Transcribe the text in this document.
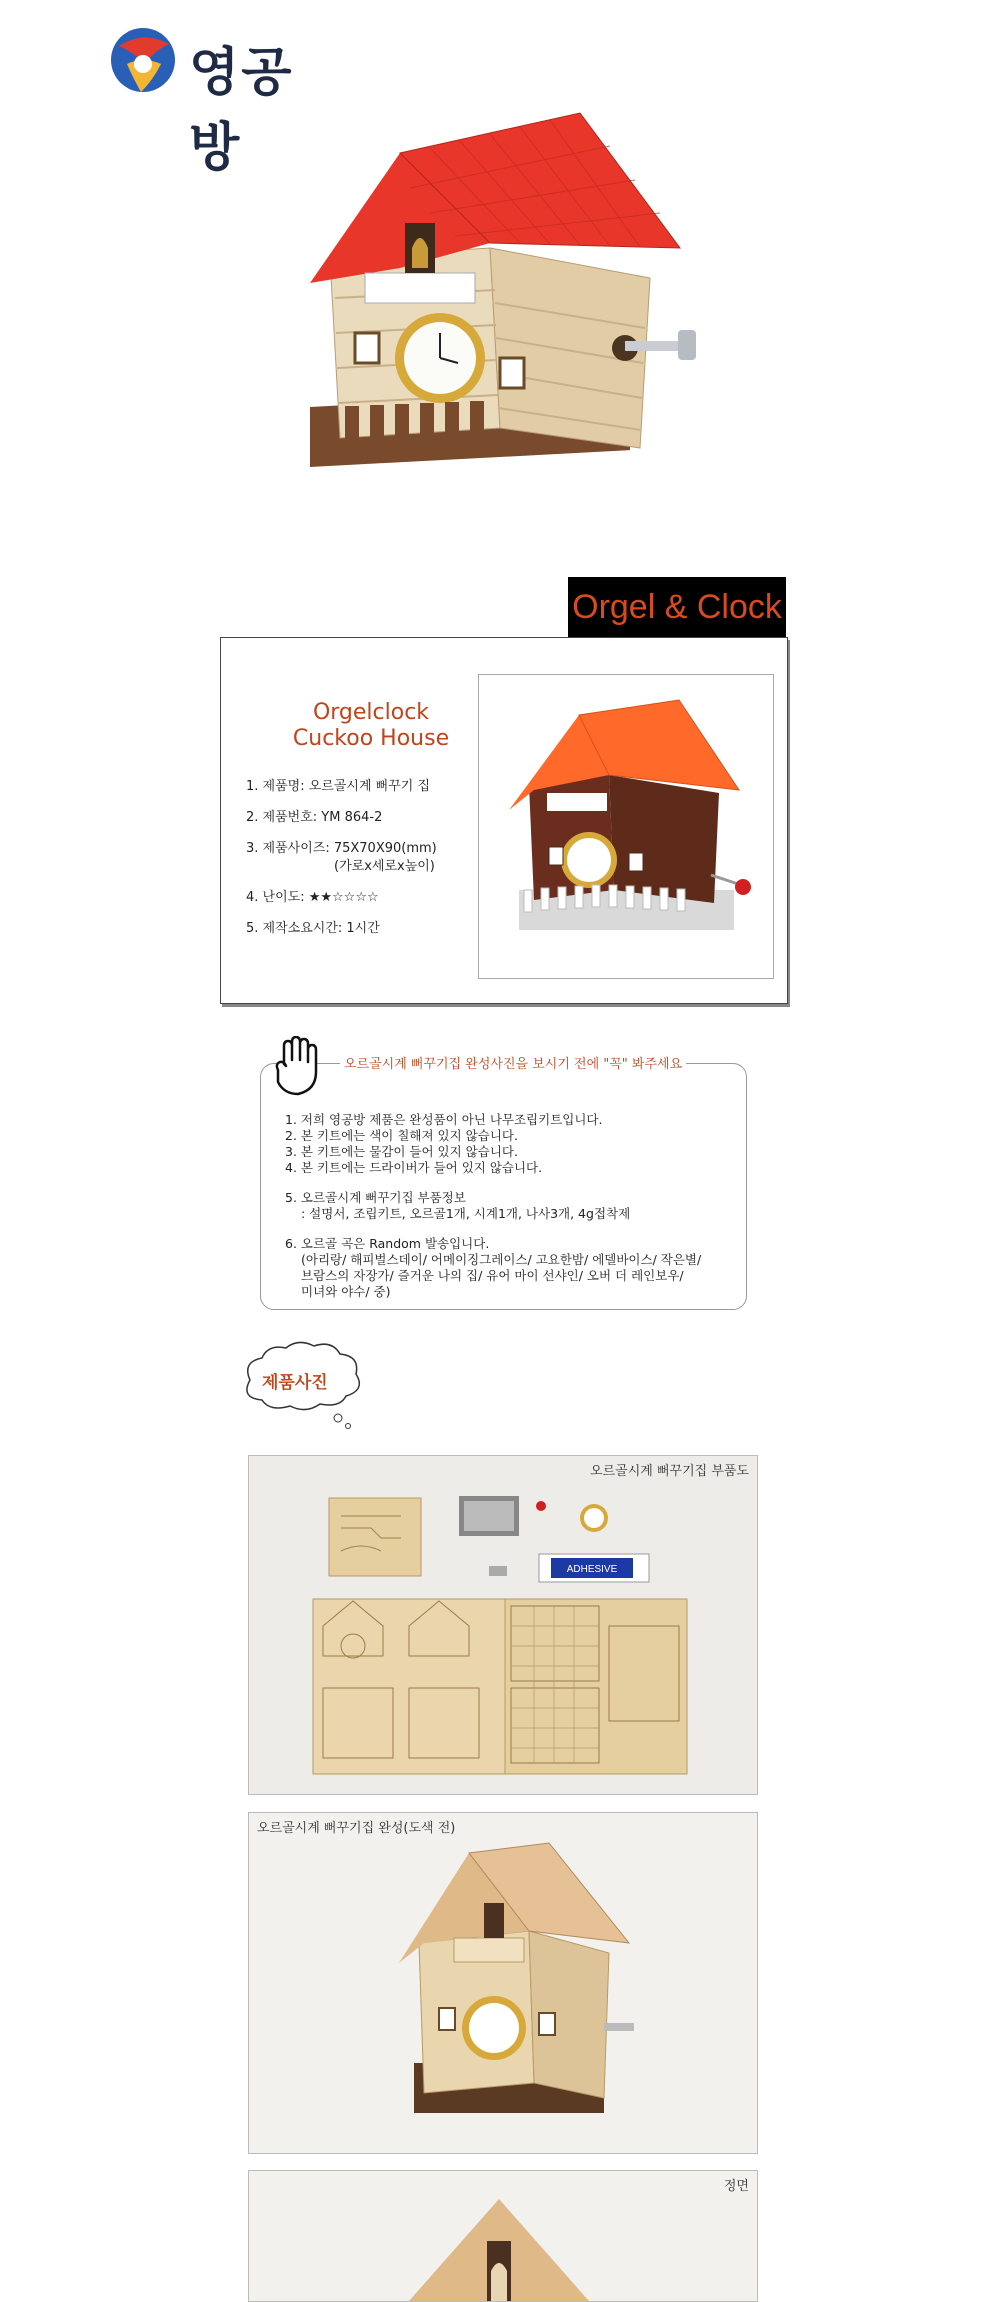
영공방
Orgel & Clock
Orgelclock
Cuckoo House
1. 제품명: 오르골시계 뻐꾸기 집
2. 제품번호: YM 864-2
3. 제품사이즈: 75X70X90(mm)
(가로x세로x높이)
4. 난이도: ★★☆☆☆☆
5. 제작소요시간: 1시간
오르골시계 뻐꾸기집 완성사진을 보시기 전에 "꼭" 봐주세요

1. 저희 영공방 제품은 완성품이 아닌 나무조립키트입니다.

2. 본 키트에는 색이 칠해져 있지 않습니다.

3. 본 키트에는 물감이 들어 있지 않습니다.

4. 본 키트에는 드라이버가 들어 있지 않습니다.

5. 오르골시계 뻐꾸기집 부품정보

: 설명서, 조립키트, 오르골1개, 시계1개, 나사3개, 4g접착제

6. 오르골 곡은 Random 발송입니다.

(아리랑/ 해피벌스데이/ 어메이징그레이스/ 고요한밤/ 에델바이스/ 작은별/

브람스의 자장가/ 즐거운 나의 집/ 유어 마이 선샤인/ 오버 더 레인보우/

미녀와 야수/ 중)

제품사진
오르골시계 뻐꾸기집 부품도
ADHESIVE
오르골시계 뻐꾸기집 완성(도색 전)
정면
